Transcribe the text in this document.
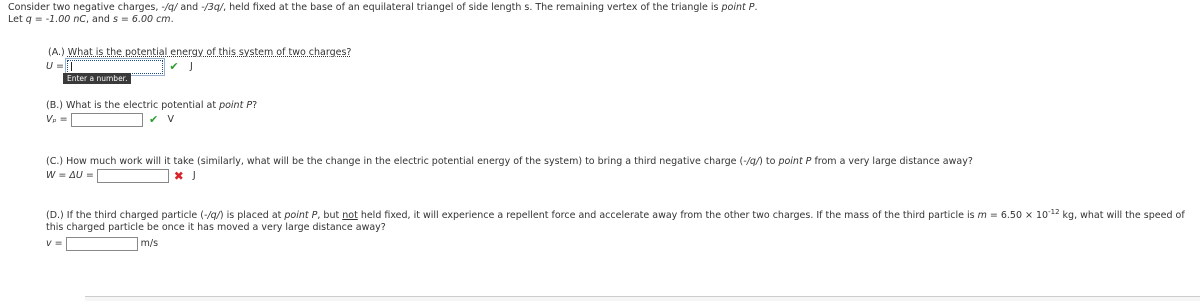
Consider two negative charges, -/q/ and -/3q/, held fixed at the base of an equilateral triangel of side length s. The remaining vertex of the triangle is point P.
Let q = -1.00 nC, and s = 6.00 cm.
(A.) What is the potential energy of this system of two charges?
U =	✔ J
Enter a number.
(B.) What is the electric potential at point P?
Vₚ =	✔ V
(C.) How much work will it take (similarly, what will be the change in the electric potential energy of the system) to bring a third negative charge (-/q/) to point P from a very large distance away?
W = ΔU =	✖ J
(D.) If the third charged particle (-/q/) is placed at point P, but not held fixed, it will experience a repellent force and accelerate away from the other two charges. If the mass of the third particle is $m = 6.50 \times 10^{-12}$ kg, what will the speed of this charged particle be once it has moved a very large distance away?
v =	m/s
